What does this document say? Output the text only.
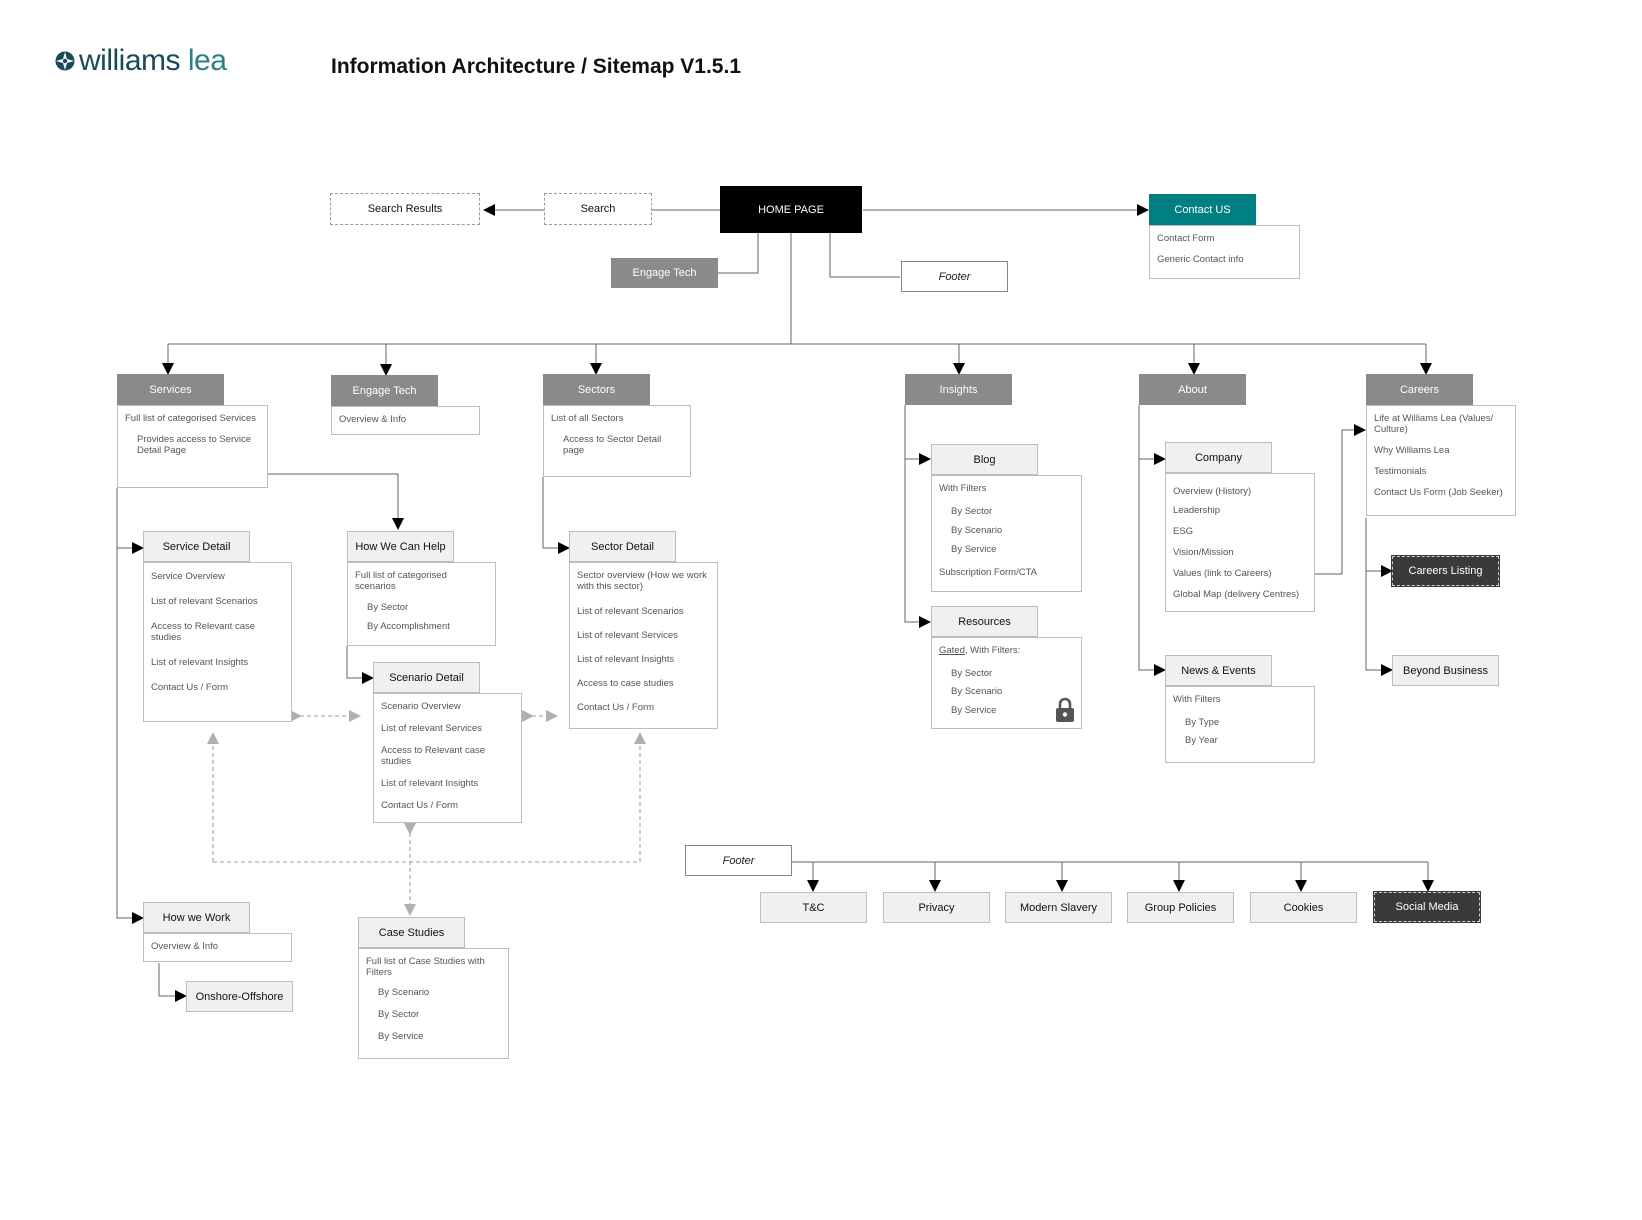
williams lea	Information Architecture / Sitemap V1.5.1
Search Results	Search	HOME PAGE
Engage Tech	Footer
Contact US
Contact Form
Generic Contact info
Services
Full list of categorised Services
Provides access to Service Detail Page
Engage Tech
Overview & Info
Sectors
List of all Sectors
Access to Sector Detail page
Insights	About	Careers
Life at Williams Lea (Values/ Culture)
Why Williams Lea
Testimonials
Contact Us Form (Job Seeker)
Service Detail
Service Overview
List of relevant Scenarios
Access to Relevant case studies
List of relevant Insights
Contact Us / Form
How We Can Help
Full list of categorised scenarios
By Sector
By Accomplishment
Scenario Detail
Scenario Overview
List of relevant Services
Access to Relevant case studies
List of relevant Insights
Contact Us / Form
Sector Detail
Sector overview (How we work with this sector)
List of relevant Scenarios
List of relevant Services
List of relevant Insights
Access to case studies
Contact Us / Form
Blog
With Filters
By Sector
By Scenario
By Service
Subscription Form/CTA
Resources
Gated, With Filters:
By Sector
By Scenario
By Service
Company
Overview (History)
Leadership
ESG
Vision/Mission
Values (link to Careers)
Global Map (delivery Centres)
News & Events
With Filters
By Type
By Year
Careers Listing
Beyond Business
How we Work
Overview & Info
Onshore-Offshore
Case Studies
Full list of Case Studies with Filters
By Scenario
By Sector
By Service
Footer
T&C	Privacy	Modern Slavery	Group Policies	Cookies	Social Media
